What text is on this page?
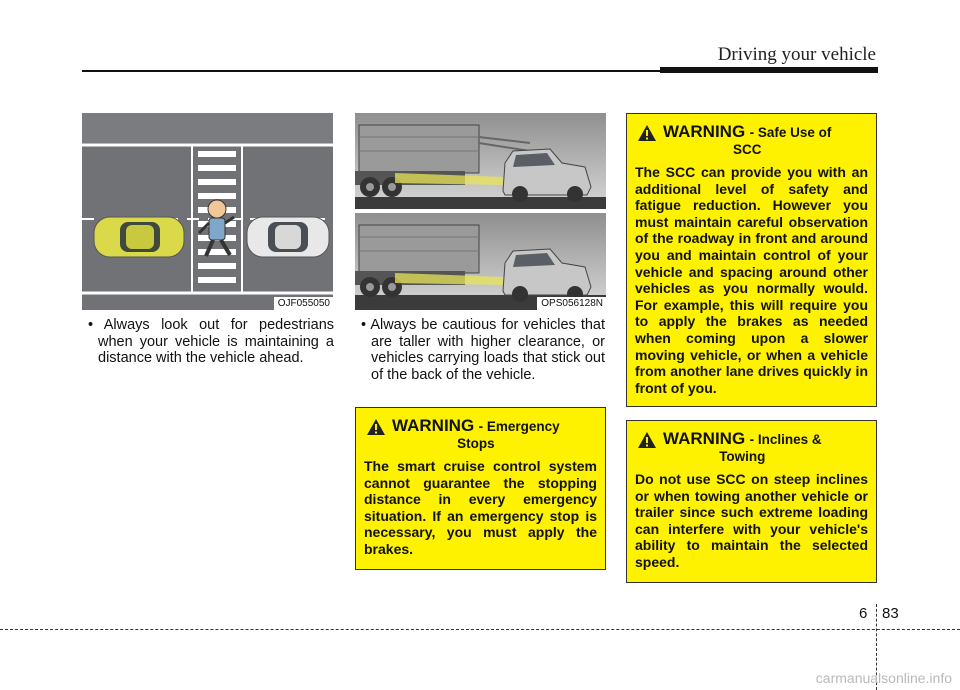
Driving your vehicle
OJF055050	OPS056128N
• Always look out for pedestrians when your vehicle is maintaining a distance with the vehicle ahead.
• Always be cautious for vehicles that are taller with higher clearance, or vehicles carrying loads that stick out of the back of the vehicle.
WARNING - Safe Use of
SCC
The SCC can provide you with an additional level of safety and fatigue reduction. However you must maintain careful observation of the roadway in front and around you and maintain control of your vehicle and spacing around other vehicles as you normally would. For example, this will require you to apply the brakes as needed when coming upon a slower moving vehicle, or when a vehicle from another lane drives quickly in front of you.
WARNING - Emergency
Stops
The smart cruise control system cannot guarantee the stopping distance in every emergency situation. If an emergency stop is necessary, you must apply the brakes.
WARNING - Inclines &
Towing
Do not use SCC on steep inclines or when towing another vehicle or trailer since such extreme loading can interfere with your vehicle's ability to maintain the selected speed.
6 83
carmanualsonline.info
